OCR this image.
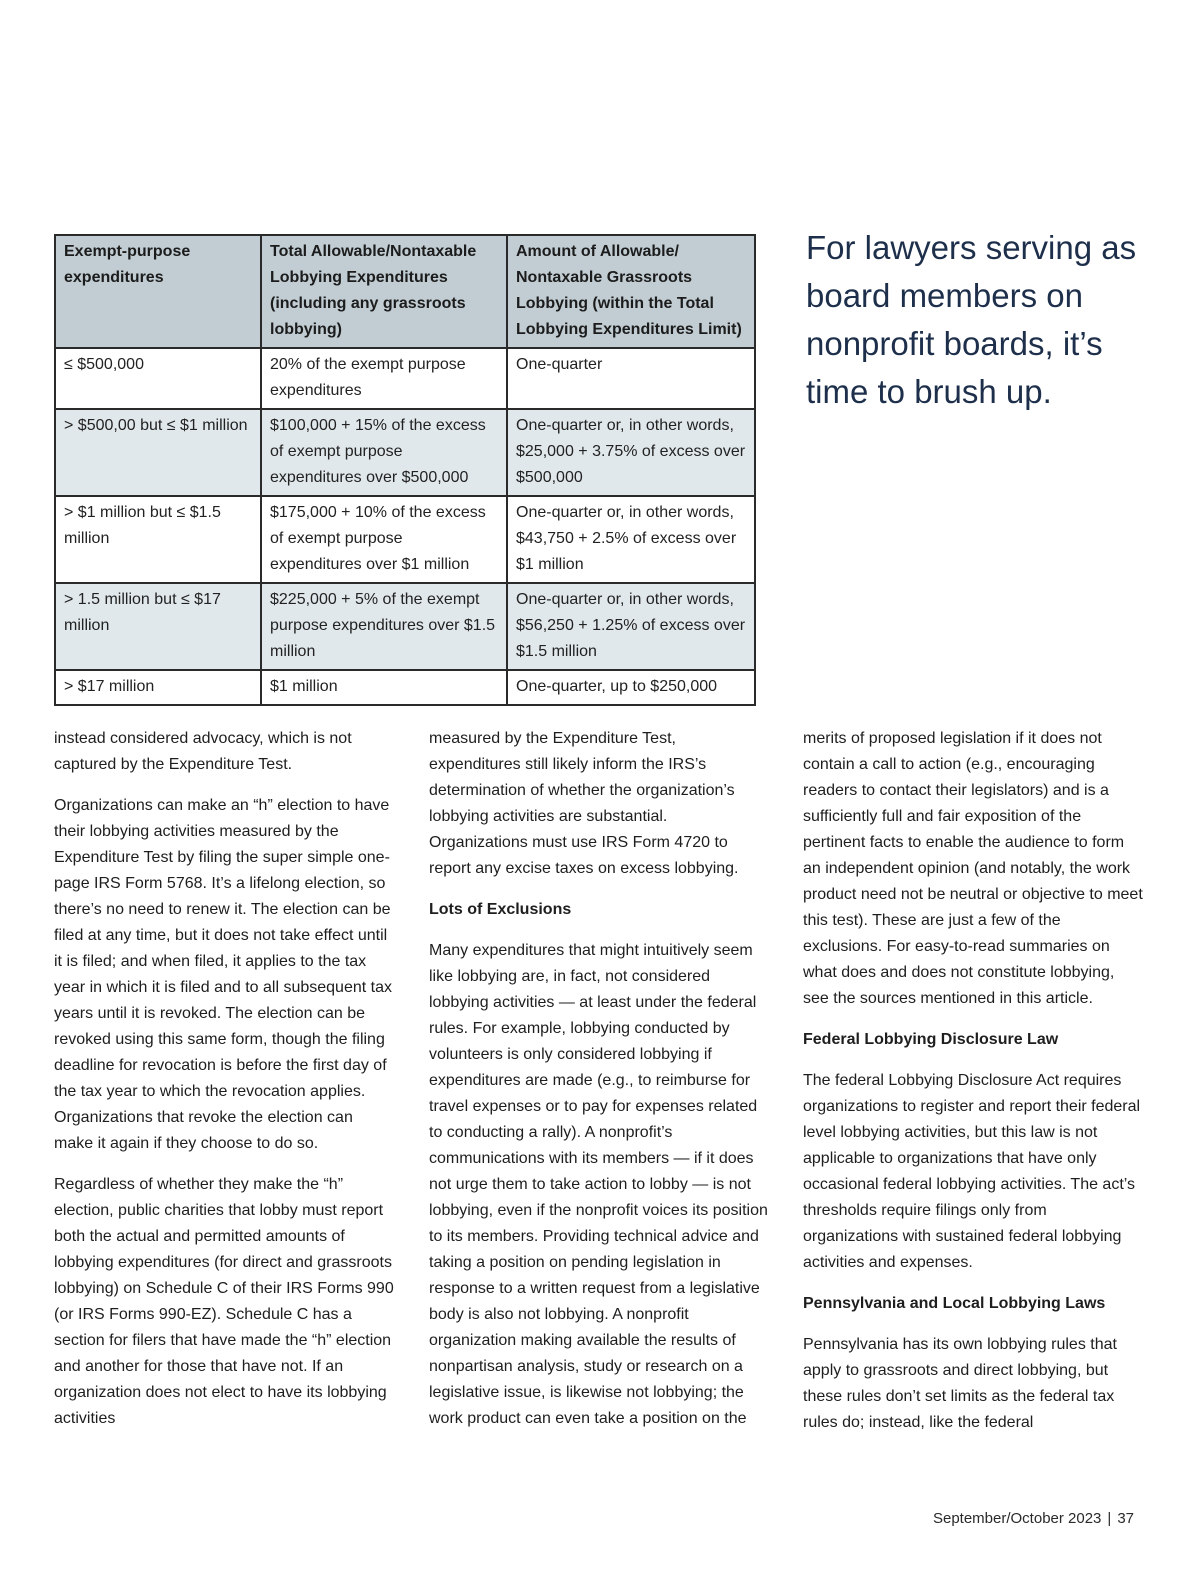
Exempt-purpose expenditures	Total Allowable/Nontaxable Lobbying Expenditures (including any grassroots lobbying)	Amount of Allowable/ Nontaxable Grassroots Lobbying (within the Total Lobbying Expenditures Limit)
≤ $500,000	20% of the exempt purpose expenditures	One-quarter
> $500,00 but ≤ $1 million	$100,000 + 15% of the excess of exempt purpose expenditures over $500,000	One-quarter or, in other words, $25,000 + 3.75% of excess over $500,000
> $1 million but ≤ $1.5 million	$175,000 + 10% of the excess of exempt purpose expenditures over $1 million	One-quarter or, in other words, $43,750 + 2.5% of excess over $1 million
> 1.5 million but ≤ $17 million	$225,000 + 5% of the exempt purpose expenditures over $1.5 million	One-quarter or, in other words, $56,250 + 1.25% of excess over $1.5 million
> $17 million	$1 million	One-quarter, up to $250,000
For lawyers serving as board members on nonprofit boards, it’s time to brush up.

instead considered advocacy, which is not captured by the Expenditure Test.

Organizations can make an “h” election to have their lobbying activities measured by the Expenditure Test by filing the super simple one-page IRS Form 5768. It’s a lifelong election, so there’s no need to renew it. The election can be filed at any time, but it does not take effect until it is filed; and when filed, it applies to the tax year in which it is filed and to all subsequent tax years until it is revoked. The election can be revoked using this same form, though the filing deadline for revocation is before the first day of the tax year to which the revocation applies. Organizations that revoke the election can make it again if they choose to do so.

Regardless of whether they make the “h” election, public charities that lobby must report both the actual and permitted amounts of lobbying expenditures (for direct and grassroots lobbying) on Schedule C of their IRS Forms 990 (or IRS Forms 990-EZ). Schedule C has a section for filers that have made the “h” election and another for those that have not. If an organization does not elect to have its lobbying activities

measured by the Expenditure Test, expenditures still likely inform the IRS’s determination of whether the organization’s lobbying activities are substantial. Organizations must use IRS Form 4720 to report any excise taxes on excess lobbying.

Lots of Exclusions

Many expenditures that might intuitively seem like lobbying are, in fact, not considered lobbying activities — at least under the federal rules. For example, lobbying conducted by volunteers is only considered lobbying if expenditures are made (e.g., to reimburse for travel expenses or to pay for expenses related to conducting a rally). A nonprofit’s communications with its members — if it does not urge them to take action to lobby — is not lobbying, even if the nonprofit voices its position to its members. Providing technical advice and taking a position on pending legislation in response to a written request from a legislative body is also not lobbying. A nonprofit organization making available the results of nonpartisan analysis, study or research on a legislative issue, is likewise not lobbying; the work product can even take a position on the

merits of proposed legislation if it does not contain a call to action (e.g., encouraging readers to contact their legislators) and is a sufficiently full and fair exposition of the pertinent facts to enable the audience to form an independent opinion (and notably, the work product need not be neutral or objective to meet this test). These are just a few of the exclusions. For easy-to-read summaries on what does and does not constitute lobbying, see the sources mentioned in this article.

Federal Lobbying Disclosure Law

The federal Lobbying Disclosure Act requires organizations to register and report their federal level lobbying activities, but this law is not applicable to organizations that have only occasional federal lobbying activities. The act’s thresholds require filings only from organizations with sustained federal lobbying activities and expenses.

Pennsylvania and Local Lobbying Laws

Pennsylvania has its own lobbying rules that apply to grassroots and direct lobbying, but these rules don’t set limits as the federal tax rules do; instead, like the federal

September/October 2023 | 37
